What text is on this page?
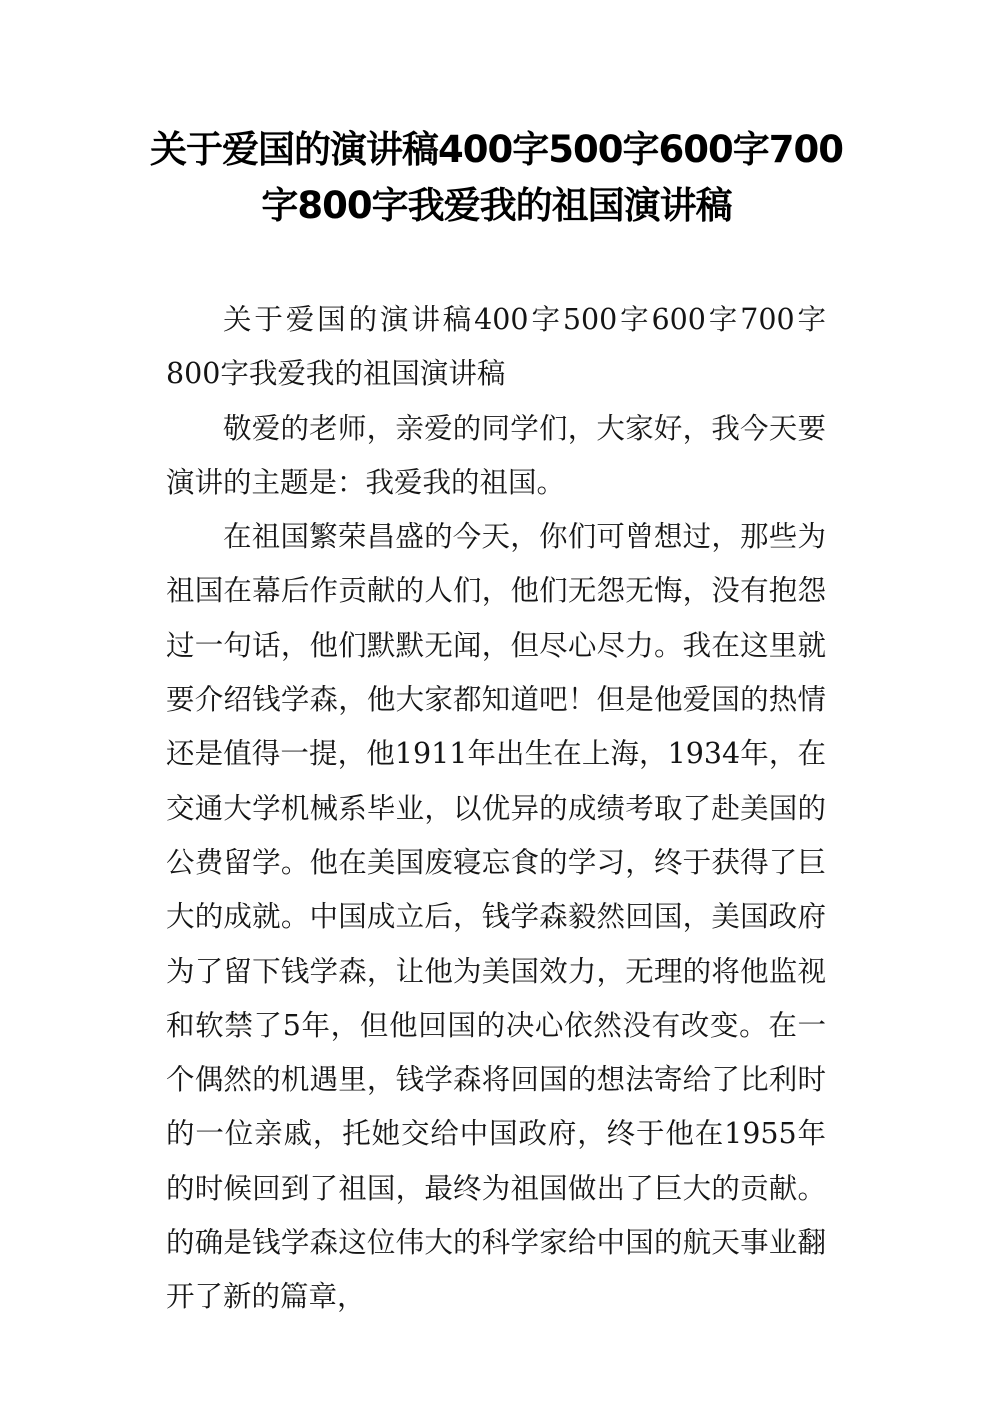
关于爱国的演讲稿400字500字600字700字800字我爱我的祖国演讲稿

关于爱国的演讲稿400字500字600字700字800字我爱我的祖国演讲稿

敬爱的老师，亲爱的同学们，大家好，我今天要演讲的主题是：我爱我的祖国。

在祖国繁荣昌盛的今天，你们可曾想过，那些为祖国在幕后作贡献的人们，他们无怨无悔，没有抱怨过一句话，他们默默无闻，但尽心尽力。我在这里就要介绍钱学森，他大家都知道吧！但是他爱国的热情还是值得一提，他1911年出生在上海，1934年，在交通大学机械系毕业，以优异的成绩考取了赴美国的公费留学。他在美国废寝忘食的学习，终于获得了巨大的成就。中国成立后，钱学森毅然回国，美国政府为了留下钱学森，让他为美国效力，无理的将他监视和软禁了5年，但他回国的决心依然没有改变。在一个偶然的机遇里，钱学森将回国的想法寄给了比利时的一位亲戚，托她交给中国政府，终于他在1955年的时候回到了祖国，最终为祖国做出了巨大的贡献。的确是钱学森这位伟大的科学家给中国的航天事业翻开了新的篇章，
